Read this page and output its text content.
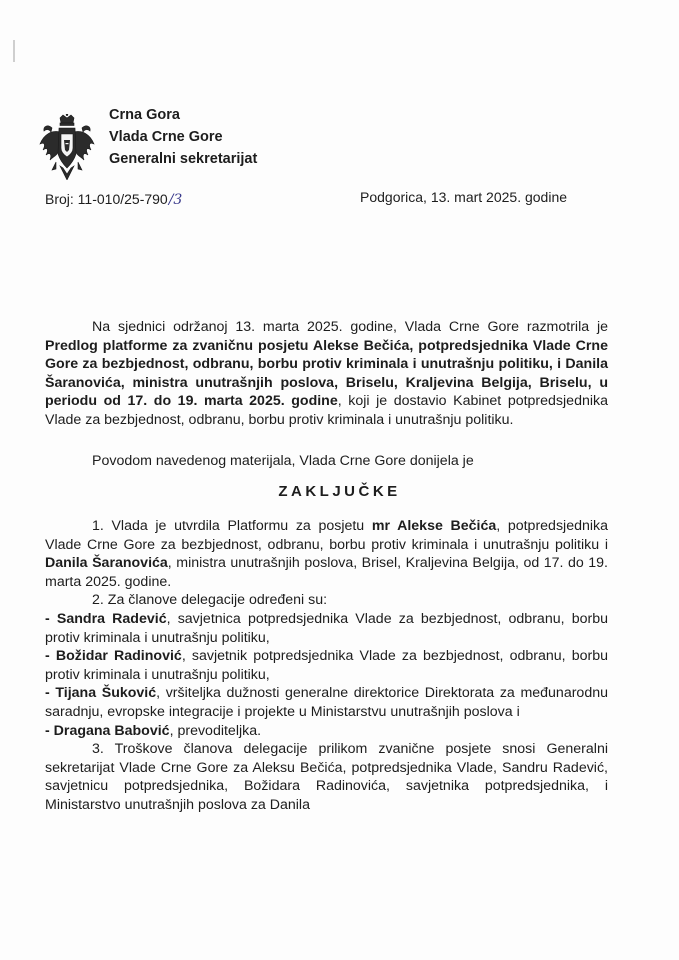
Crna Gora
Vlada Crne Gore
Generalni sekretarijat
Broj: 11-010/25-790/3	Podgorica, 13. mart 2025. godine
Na sjednici održanoj 13. marta 2025. godine, Vlada Crne Gore razmotrila je Predlog platforme za zvaničnu posjetu Alekse Bečića, potpredsjednika Vlade Crne Gore za bezbjednost, odbranu, borbu protiv kriminala i unutrašnju politiku, i Danila Šaranovića, ministra unutrašnjih poslova, Briselu, Kraljevina Belgija, Briselu, u periodu od 17. do 19. marta 2025. godine, koji je dostavio Kabinet potpredsjednika Vlade za bezbjednost, odbranu, borbu protiv kriminala i unutrašnju politiku.
Povodom navedenog materijala, Vlada Crne Gore donijela je
ZAKLJUČKE

1. Vlada je utvrdila Platformu za posjetu mr Alekse Bečića, potpredsjednika Vlade Crne Gore za bezbjednost, odbranu, borbu protiv kriminala i unutrašnju politiku i Danila Šaranovića, ministra unutrašnjih poslova, Brisel, Kraljevina Belgija, od 17. do 19. marta 2025. godine.

2. Za članove delegacije određeni su:

- Sandra Radević, savjetnica potpredsjednika Vlade za bezbjednost, odbranu, borbu protiv kriminala i unutrašnju politiku,

- Božidar Radinović, savjetnik potpredsjednika Vlade za bezbjednost, odbranu, borbu protiv kriminala i unutrašnju politiku,

- Tijana Šuković, vršiteljka dužnosti generalne direktorice Direktorata za međunarodnu saradnju, evropske integracije i projekte u Ministarstvu unutrašnjih poslova i

- Dragana Babović, prevoditeljka.

3. Troškove članova delegacije prilikom zvanične posjete snosi Generalni sekretarijat Vlade Crne Gore za Aleksu Bečića, potpredsjednika Vlade, Sandru Radević, savjetnicu potpredsjednika, Božidara Radinovića, savjetnika potpredsjednika, i Ministarstvo unutrašnjih poslova za Danila
